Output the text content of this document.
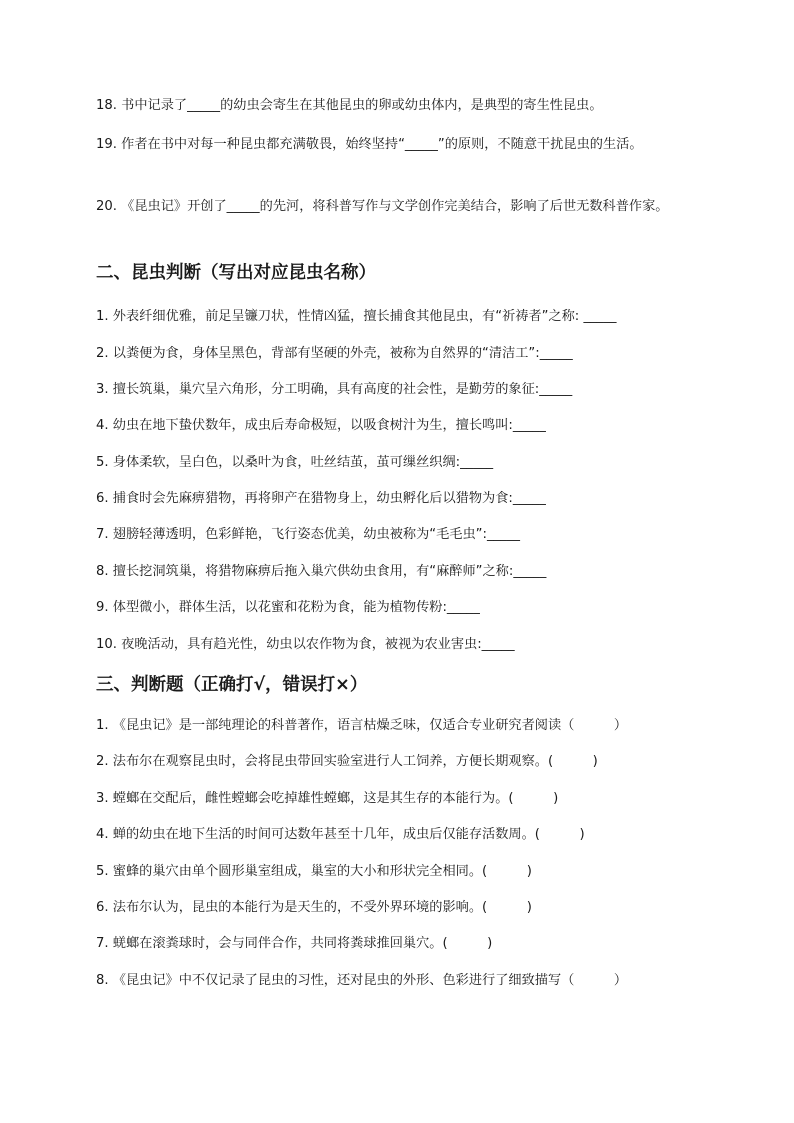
18. 书中记录了_____的幼虫会寄生在其他昆虫的卵或幼虫体内，是典型的寄生性昆虫。
19. 作者在书中对每一种昆虫都充满敬畏，始终坚持“_____”的原则，不随意干扰昆虫的生活。
20. 《昆虫记》开创了_____的先河，将科普写作与文学创作完美结合，影响了后世无数科普作家。
二、昆虫判断（写出对应昆虫名称）
1. 外表纤细优雅，前足呈镰刀状，性情凶猛，擅长捕食其他昆虫，有“祈祷者”之称: _____
2. 以粪便为食，身体呈黑色，背部有坚硬的外壳，被称为自然界的“清洁工”:_____
3. 擅长筑巢，巢穴呈六角形，分工明确，具有高度的社会性，是勤劳的象征:_____
4. 幼虫在地下蛰伏数年，成虫后寿命极短，以吸食树汁为生，擅长鸣叫:_____
5. 身体柔软，呈白色，以桑叶为食，吐丝结茧，茧可缫丝织绸:_____
6. 捕食时会先麻痹猎物，再将卵产在猎物身上，幼虫孵化后以猎物为食:_____
7. 翅膀轻薄透明，色彩鲜艳，飞行姿态优美，幼虫被称为“毛毛虫”:_____
8. 擅长挖洞筑巢，将猎物麻痹后拖入巢穴供幼虫食用，有“麻醉师”之称:_____
9. 体型微小，群体生活，以花蜜和花粉为食，能为植物传粉:_____
10. 夜晚活动，具有趋光性，幼虫以农作物为食，被视为农业害虫:_____
三、判断题（正确打√，错误打×）
1. 《昆虫记》是一部纯理论的科普著作，语言枯燥乏味，仅适合专业研究者阅读（　　　）
2. 法布尔在观察昆虫时，会将昆虫带回实验室进行人工饲养，方便长期观察。(　　　)
3. 螳螂在交配后，雌性螳螂会吃掉雄性螳螂，这是其生存的本能行为。(　　　)
4. 蝉的幼虫在地下生活的时间可达数年甚至十几年，成虫后仅能存活数周。(　　　)
5. 蜜蜂的巢穴由单个圆形巢室组成，巢室的大小和形状完全相同。(　　　)
6. 法布尔认为，昆虫的本能行为是天生的，不受外界环境的影响。(　　　)
7. 蜣螂在滚粪球时，会与同伴合作，共同将粪球推回巢穴。(　　　)
8. 《昆虫记》中不仅记录了昆虫的习性，还对昆虫的外形、色彩进行了细致描写（　　　）
